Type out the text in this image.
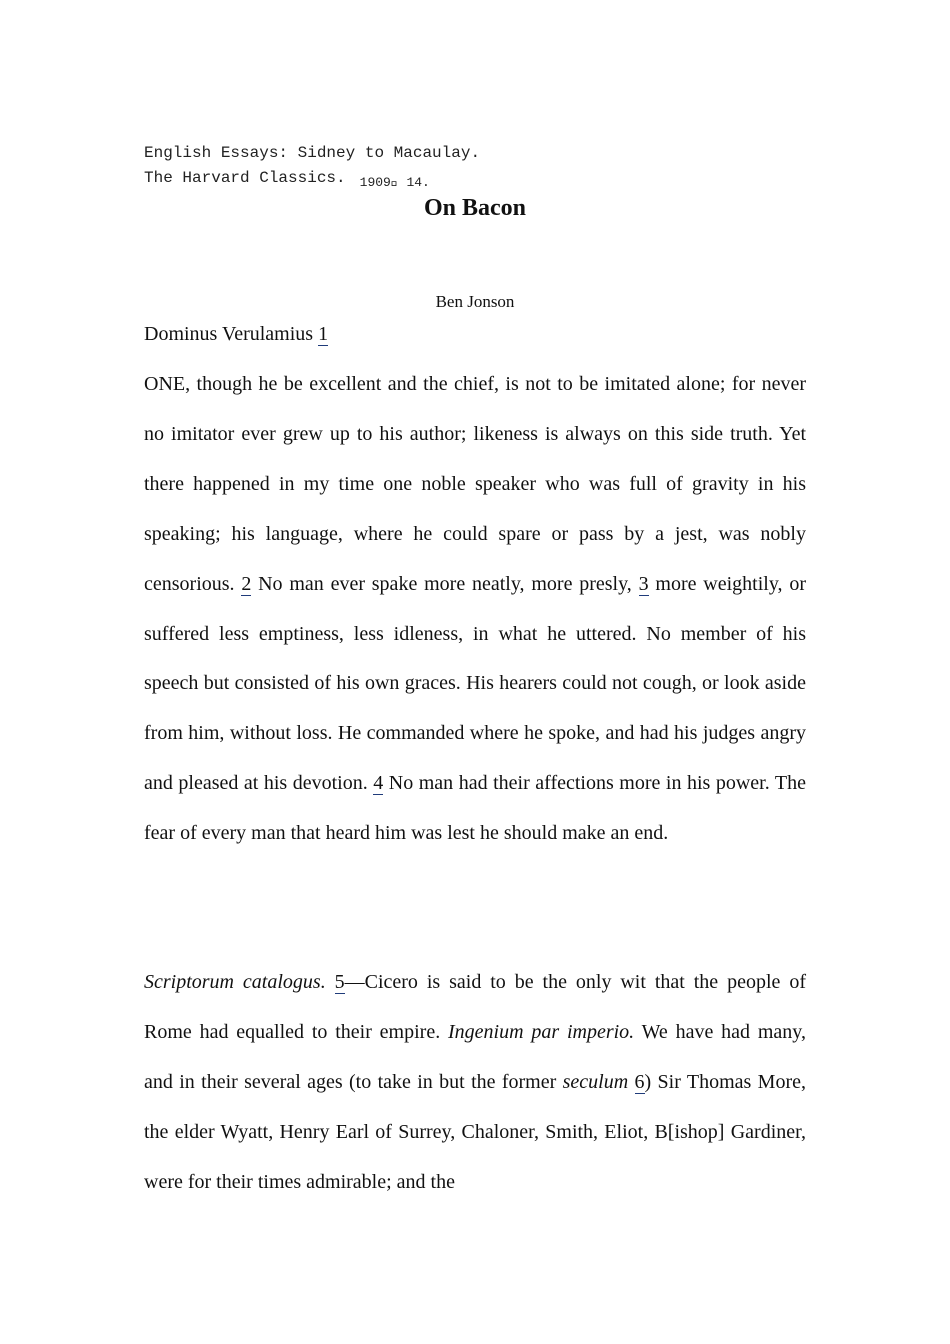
English Essays: Sidney to Macaulay.
The Harvard Classics. $_{1909  14.}$
On Bacon
      
Ben Jonson
Dominus Verulamius 1

ONE, though he be excellent and the chief, is not to be imitated alone; for never no imitator ever grew up to his author; likeness is always on this side truth. Yet there happened in my time one noble speaker who was full of gravity in his speaking; his language, where he could spare or pass by a jest, was nobly censorious. 2 No man ever spake more neatly, more presly, 3 more weightily, or suffered less emptiness, less idleness, in what he uttered. No member of his speech but consisted of his own graces. His hearers could not cough, or look aside from him, without loss. He commanded where he spoke, and had his judges angry and pleased at his devotion. 4 No man had their affections more in his power. The fear of every man that heard him was lest he should make an end.

Scriptorum catalogus. 5—Cicero is said to be the only wit that the people of Rome had equalled to their empire. Ingenium par imperio. We have had many, and in their several ages (to take in but the former seculum 6) Sir Thomas More, the elder Wyatt, Henry Earl of Surrey, Chaloner, Smith, Eliot, B[ishop] Gardiner, were for their times admirable; and the
